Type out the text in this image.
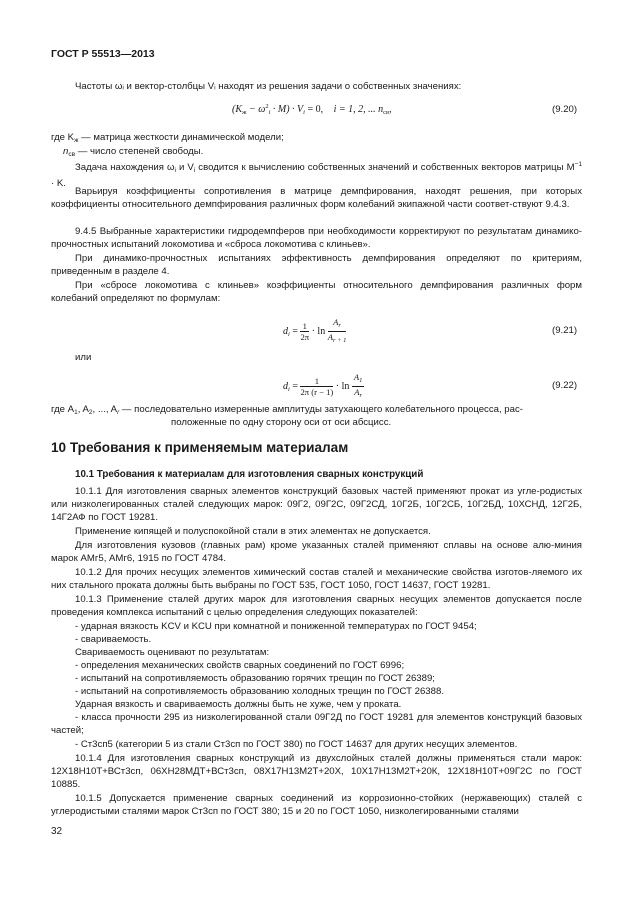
ГОСТ Р 55513—2013
Частоты ωᵢ и вектор-столбцы Vᵢ находят из решения задачи о собственных значениях:
$(K_ж - \omega^2_i \cdot M) \cdot V_i = 0$, i = 1, 2, ... $n_{св}$,	(9.20)
где $K_ж$ — матрица жесткости динамической модели;
$n_{св}$ — число степеней свободы.
Задача нахождения $\omega_i$ и $V_i$ сводится к вычислению собственных значений и собственных векторов матрицы $M^{-1} \cdot K$.
Варьируя коэффициенты сопротивления в матрице демпфирования, находят решения, при которых коэффициенты относительного демпфирования различных форм колебаний экипажной части соответ-ствуют 9.4.3.
9.4.5 Выбранные характеристики гидродемпферов при необходимости корректируют по результатам динамико-прочностных испытаний локомотива и «сброса локомотива с клиньев».
При динамико-прочностных испытаниях эффективность демпфирования определяют по критериям, приведенным в разделе 4.
При «сбросе локомотива с клиньев» коэффициенты относительного демпфирования различных форм колебаний определяют по формулам:
$d_i = \frac{1}{2\pi} \cdot \ln \frac{A_r}{A_{r + 1}}$	(9.21)
или
$d_i = \frac{1}{2\pi (r - 1)} \cdot \ln \frac{A_1}{A_r}$	(9.22)
где $A_1$, $A_2$, ..., $A_r$ — последовательно измеренные амплитуды затухающего колебательного процесса, рас-
положенные по одну сторону оси от оси абсцисс.
10 Требования к применяемым материалам
10.1 Требования к материалам для изготовления сварных конструкций
10.1.1 Для изготовления сварных элементов конструкций базовых частей применяют прокат из угле-родистых или низколегированных сталей следующих марок: 09Г2, 09Г2С, 09Г2СД, 10Г2Б, 10Г2СБ, 10Г2БД, 10ХСНД, 12Г2Б, 14Г2АФ по ГОСТ 19281.
Применение кипящей и полуспокойной стали в этих элементах не допускается.
Для изготовления кузовов (главных рам) кроме указанных сталей применяют сплавы на основе алю-миния марок АМг5, АМг6, 1915 по ГОСТ 4784.
10.1.2 Для прочих несущих элементов химический состав сталей и механические свойства изготов-ляемого их них стального проката должны быть выбраны по ГОСТ 535, ГОСТ 1050, ГОСТ 14637, ГОСТ 19281.
10.1.3 Применение сталей других марок для изготовления сварных несущих элементов допускается после проведения комплекса испытаний с целью определения следующих показателей:
- ударная вязкость KCV и KCU при комнатной и пониженной температурах по ГОСТ 9454;
- свариваемость.
Свариваемость оценивают по результатам:
- определения механических свойств сварных соединений по ГОСТ 6996;
- испытаний на сопротивляемость образованию горячих трещин по ГОСТ 26389;
- испытаний на сопротивляемость образованию холодных трещин по ГОСТ 26388.
Ударная вязкость и свариваемость должны быть не хуже, чем у проката.
- класса прочности 295 из низколегированной стали 09Г2Д по ГОСТ 19281 для элементов конструкций базовых частей;
- Ст3сп5 (категории 5 из стали Ст3сп по ГОСТ 380) по ГОСТ 14637 для других несущих элементов.
10.1.4 Для изготовления сварных конструкций из двухслойных сталей должны применяться стали марок: 12Х18Н10Т+ВСт3сп, 06ХН28МДТ+ВСт3сп, 08Х17Н13М2Т+20Х, 10Х17Н13М2Т+20К, 12Х18Н10Т+09Г2С по ГОСТ 10885.
10.1.5 Допускается применение сварных соединений из коррозионно-стойких (нержавеющих) сталей с углеродистыми сталями марок Ст3сп по ГОСТ 380; 15 и 20 по ГОСТ 1050, низколегированными сталями
32
